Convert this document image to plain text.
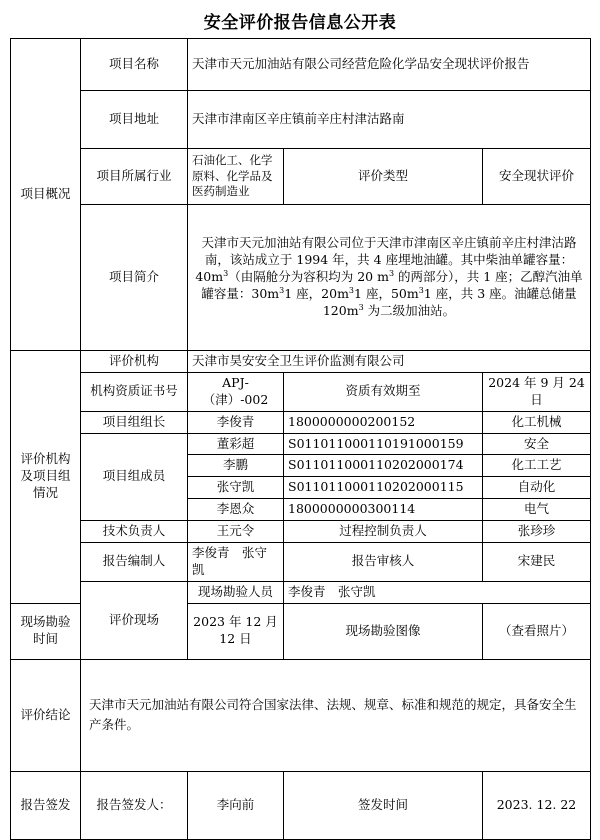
安全评价报告信息公开表
项目概况	项目名称	天津市天元加油站有限公司经营危险化学品安全现状评价报告		
	项目地址	天津市津南区辛庄镇前辛庄村津沽路南		
	项目所属行业	石油化工、化学原料、化学品及医药制造业	评价类型	安全现状评价
	项目简介	天津市天元加油站有限公司位于天津市津南区辛庄镇前辛庄村津沽路南，该站成立于 1994 年，共 4 座埋地油罐。其中柴油单罐容量：$40m^3$（由隔舱分为容积均为 20 $m^3$ 的两部分），共 1 座；乙醇汽油单罐容量：$30m^31$ 座，$20m^31$ 座，$50m^31$ 座，共 3 座。油罐总储量 $120m^3$ 为二级加油站。		
评价机构及项目组情况	评价机构	天津市昊安安全卫生评价监测有限公司		
	机构资质证书号	APJ-（津）-002	资质有效期至	2024 年 9 月 24 日
	项目组组长	李俊青	1800000000200152	化工机械
	项目组成员	董彩超	S011011000110191000159	安全
		李鹏	S011011000110202000174	化工工艺
		张守凯	S011011000110202000115	自动化
		李恩众	1800000000300114	电气
	技术负责人	王元令	过程控制负责人	张珍珍
	报告编制人	李俊青　张守凯	报告审核人	宋建民
	评价现场	现场勘验人员	李俊青　张守凯	
现场勘验时间		2023 年 12 月 12 日	现场勘验图像	（查看照片）
评价结论	天津市天元加油站有限公司符合国家法律、法规、规章、标准和规范的规定，具备安全生产条件。			
报告签发	报告签发人：	李向前	签发时间	2023. 12. 22
